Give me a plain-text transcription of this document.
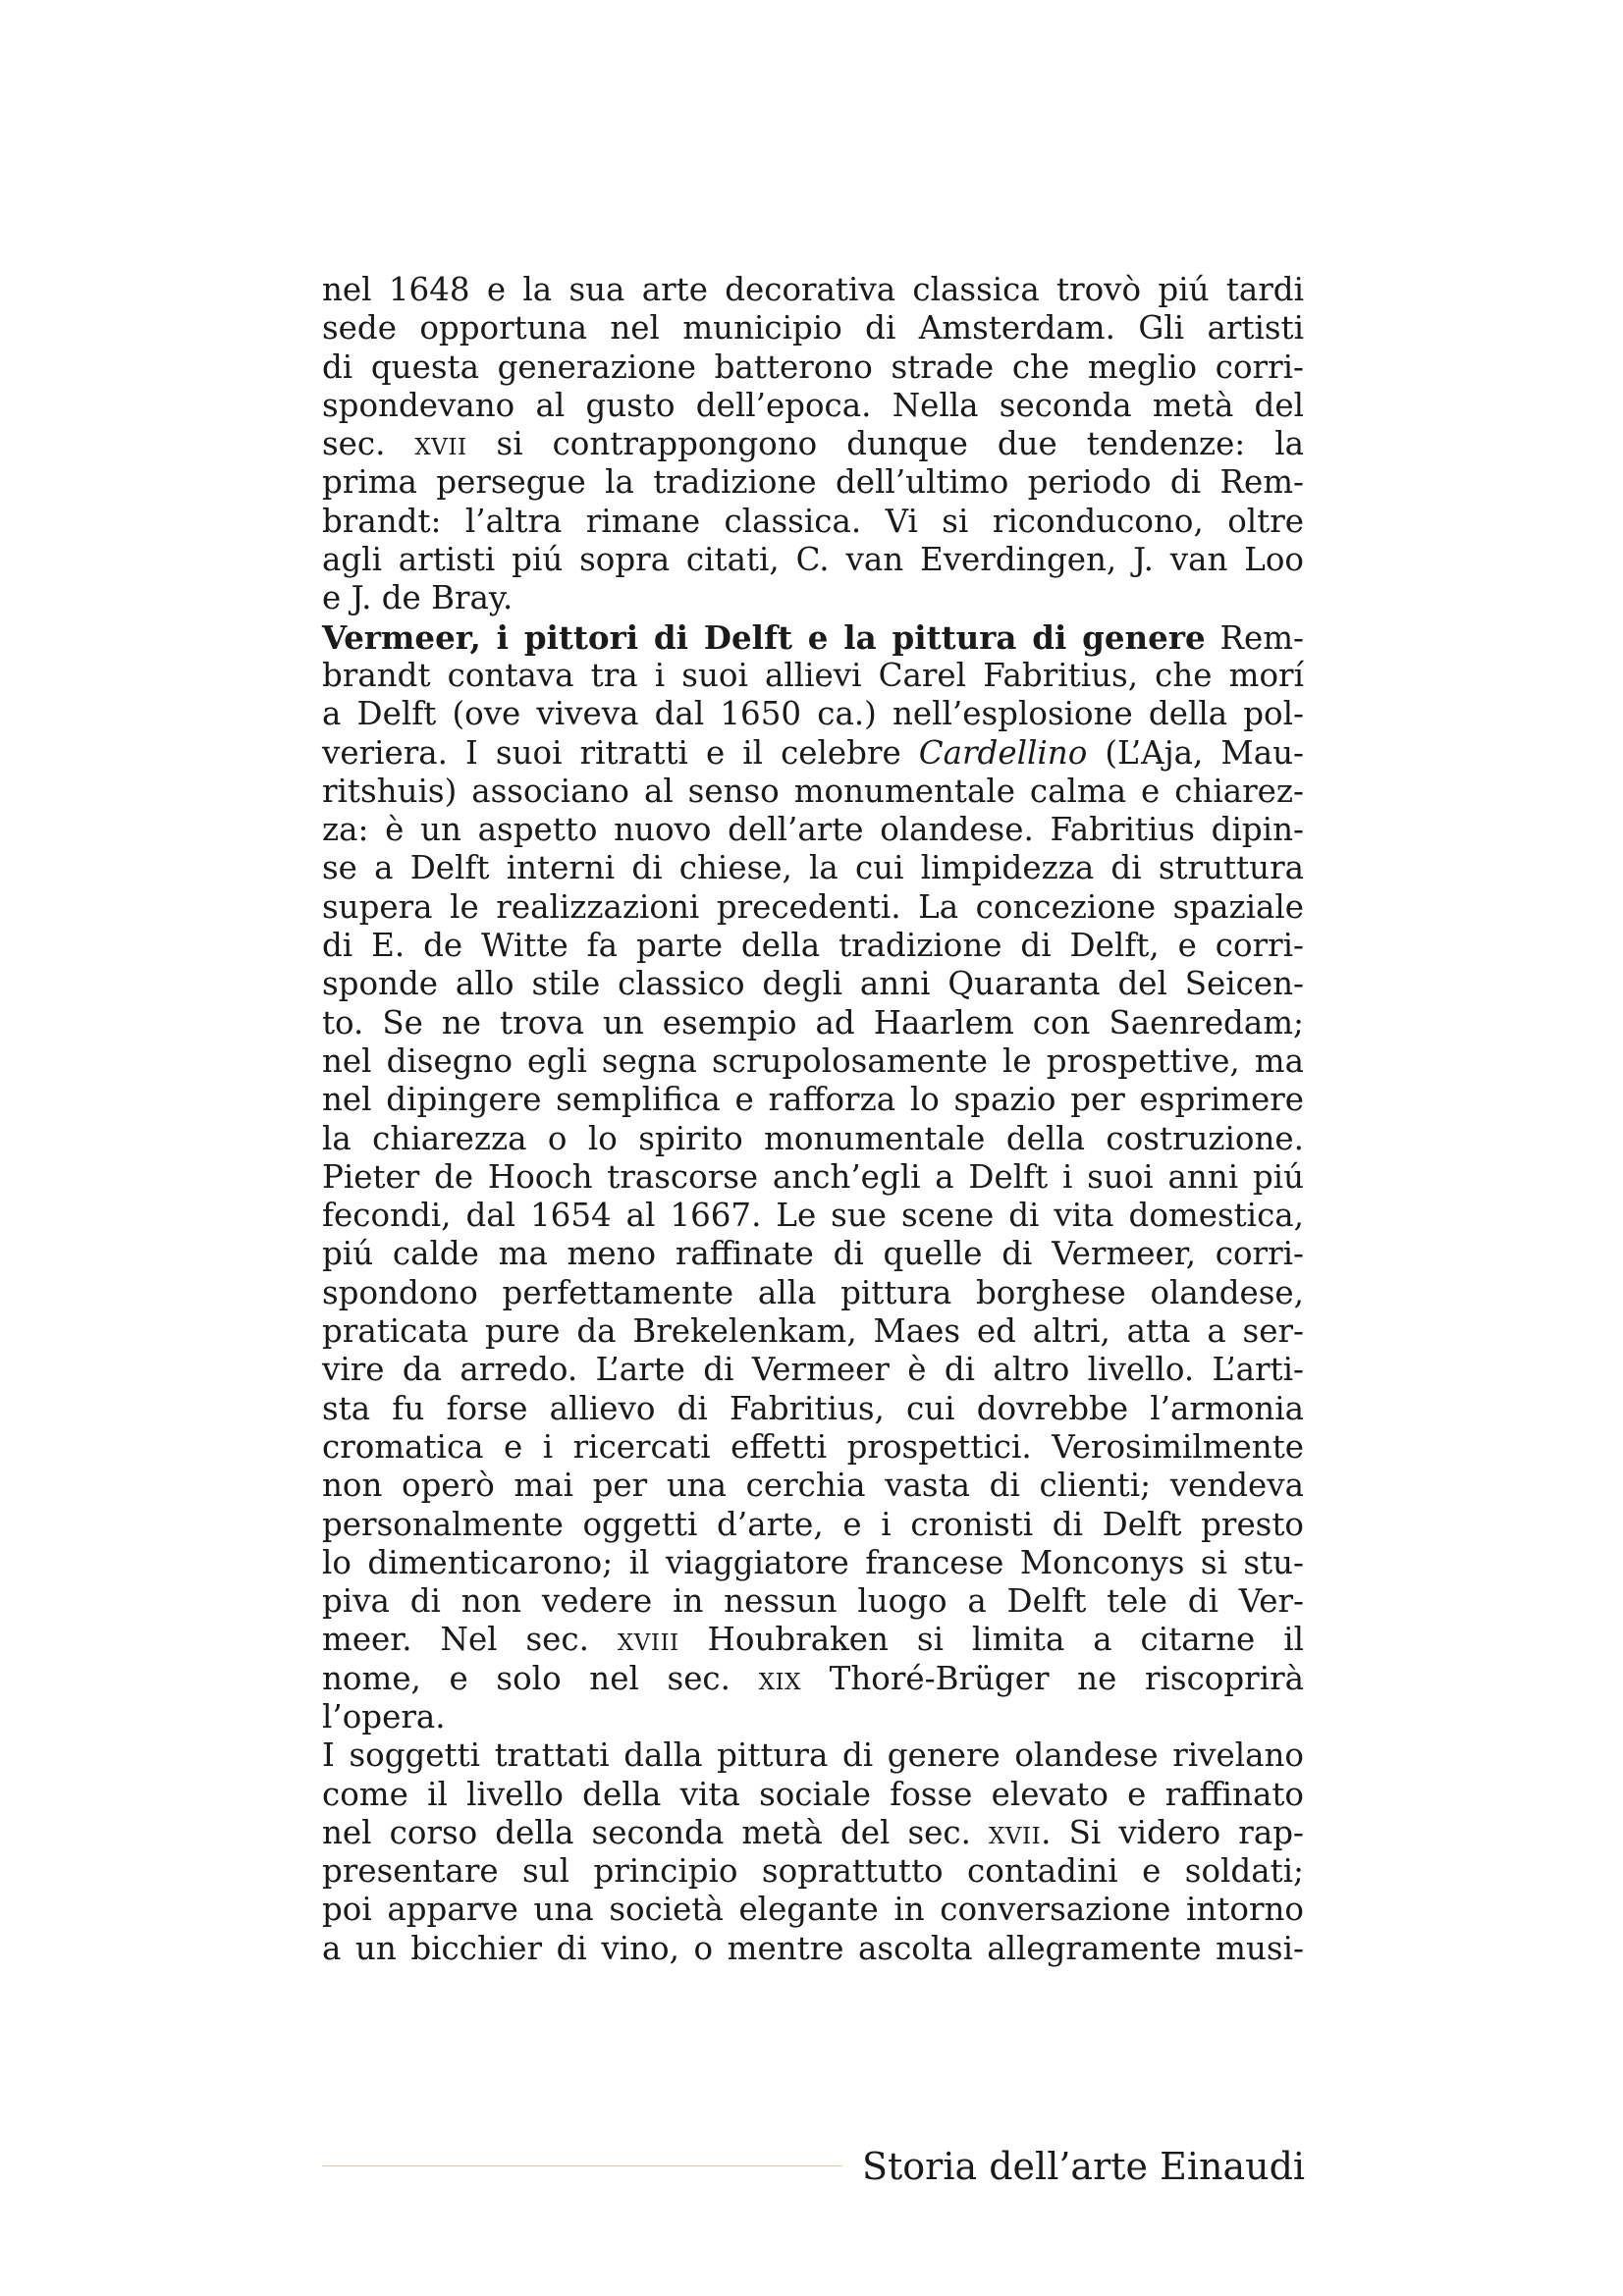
nel 1648 e la sua arte decorativa classica trovò piú tardi
sede opportuna nel municipio di Amsterdam. Gli artisti
di questa generazione batterono strade che meglio corri-
spondevano al gusto dell’epoca. Nella seconda metà del
sec. xvii si contrappongono dunque due tendenze: la
prima persegue la tradizione dell’ultimo periodo di Rem-
brandt: l’altra rimane classica. Vi si riconducono, oltre
agli artisti piú sopra citati, C. van Everdingen, J. van Loo
e J. de Bray.
Vermeer, i pittori di Delft e la pittura di genere Rem-
brandt contava tra i suoi allievi Carel Fabritius, che morí
a Delft (ove viveva dal 1650 ca.) nell’esplosione della pol-
veriera. I suoi ritratti e il celebre Cardellino (L’Aja, Mau-
ritshuis) associano al senso monumentale calma e chiarez-
za: è un aspetto nuovo dell’arte olandese. Fabritius dipin-
se a Delft interni di chiese, la cui limpidezza di struttura
supera le realizzazioni precedenti. La concezione spaziale
di E. de Witte fa parte della tradizione di Delft, e corri-
sponde allo stile classico degli anni Quaranta del Seicen-
to. Se ne trova un esempio ad Haarlem con Saenredam;
nel disegno egli segna scrupolosamente le prospettive, ma
nel dipingere semplifica e rafforza lo spazio per esprimere
la chiarezza o lo spirito monumentale della costruzione.
Pieter de Hooch trascorse anch’egli a Delft i suoi anni piú
fecondi, dal 1654 al 1667. Le sue scene di vita domestica,
piú calde ma meno raffinate di quelle di Vermeer, corri-
spondono perfettamente alla pittura borghese olandese,
praticata pure da Brekelenkam, Maes ed altri, atta a ser-
vire da arredo. L’arte di Vermeer è di altro livello. L’arti-
sta fu forse allievo di Fabritius, cui dovrebbe l’armonia
cromatica e i ricercati effetti prospettici. Verosimilmente
non operò mai per una cerchia vasta di clienti; vendeva
personalmente oggetti d’arte, e i cronisti di Delft presto
lo dimenticarono; il viaggiatore francese Monconys si stu-
piva di non vedere in nessun luogo a Delft tele di Ver-
meer. Nel sec. xviii Houbraken si limita a citarne il
nome, e solo nel sec. xix Thoré-Brüger ne riscoprirà
l’opera.
I soggetti trattati dalla pittura di genere olandese rivelano
come il livello della vita sociale fosse elevato e raffinato
nel corso della seconda metà del sec. xvii. Si videro rap-
presentare sul principio soprattutto contadini e soldati;
poi apparve una società elegante in conversazione intorno
a un bicchier di vino, o mentre ascolta allegramente musi-
Storia dell’arte Einaudi
